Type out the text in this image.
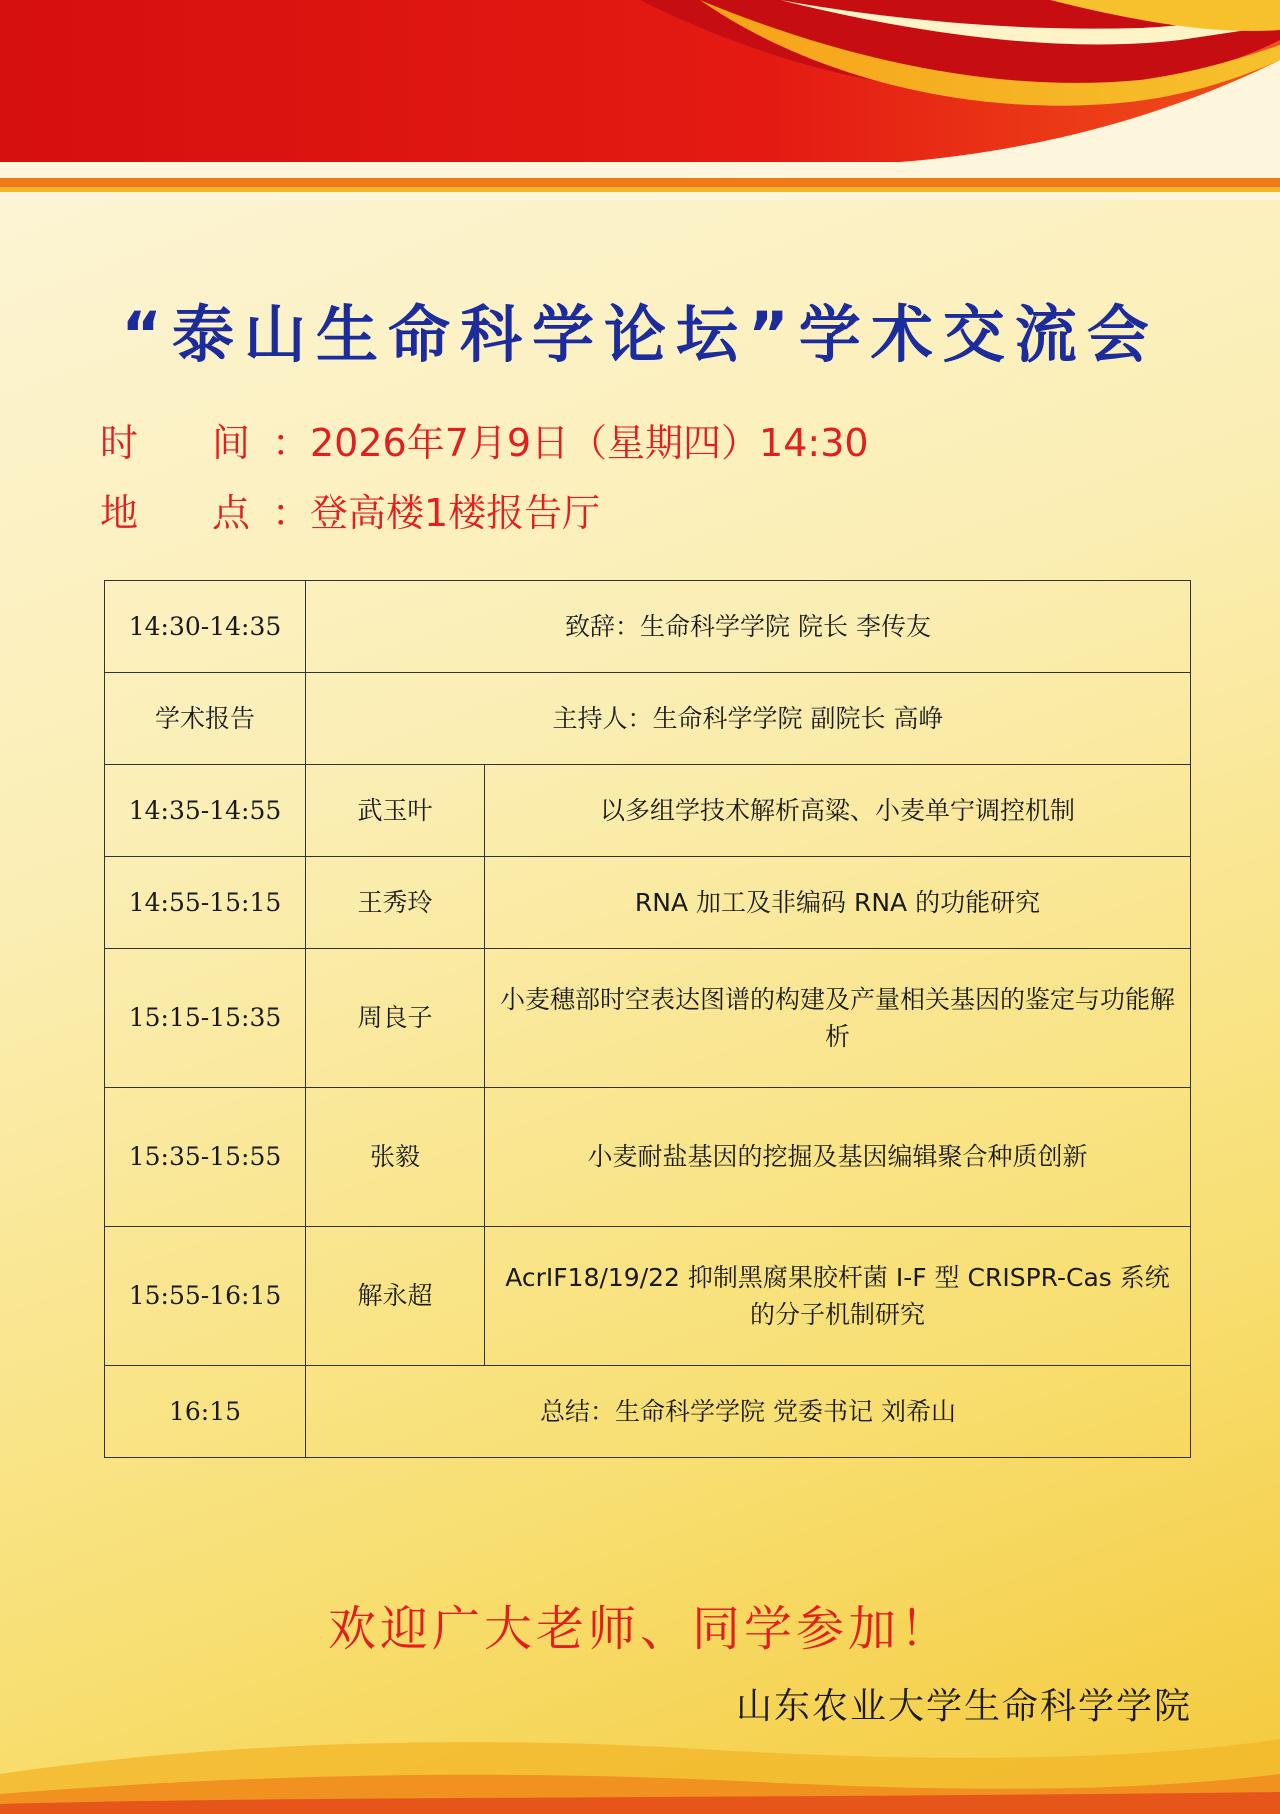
“泰山生命科学论坛”学术交流会
时	间 ： 2026年7月9日（星期四）14:30
地	点 ： 登高楼1楼报告厅
14:30-14:35	致辞：生命科学学院 院长 李传友	
学术报告	主持人：生命科学学院 副院长 高峥	
14:35-14:55	武玉叶	以多组学技术解析高粱、小麦单宁调控机制
14:55-15:15	王秀玲	RNA 加工及非编码 RNA 的功能研究
15:15-15:35	周良子	小麦穗部时空表达图谱的构建及产量相关基因的鉴定与功能解析
15:35-15:55	张毅	小麦耐盐基因的挖掘及基因编辑聚合种质创新
15:55-16:15	解永超	AcrIF18/19/22 抑制黑腐果胶杆菌 I-F 型 CRISPR-Cas 系统的分子机制研究
16:15	总结：生命科学学院 党委书记 刘希山	
欢迎广大老师、同学参加！
山东农业大学生命科学学院
